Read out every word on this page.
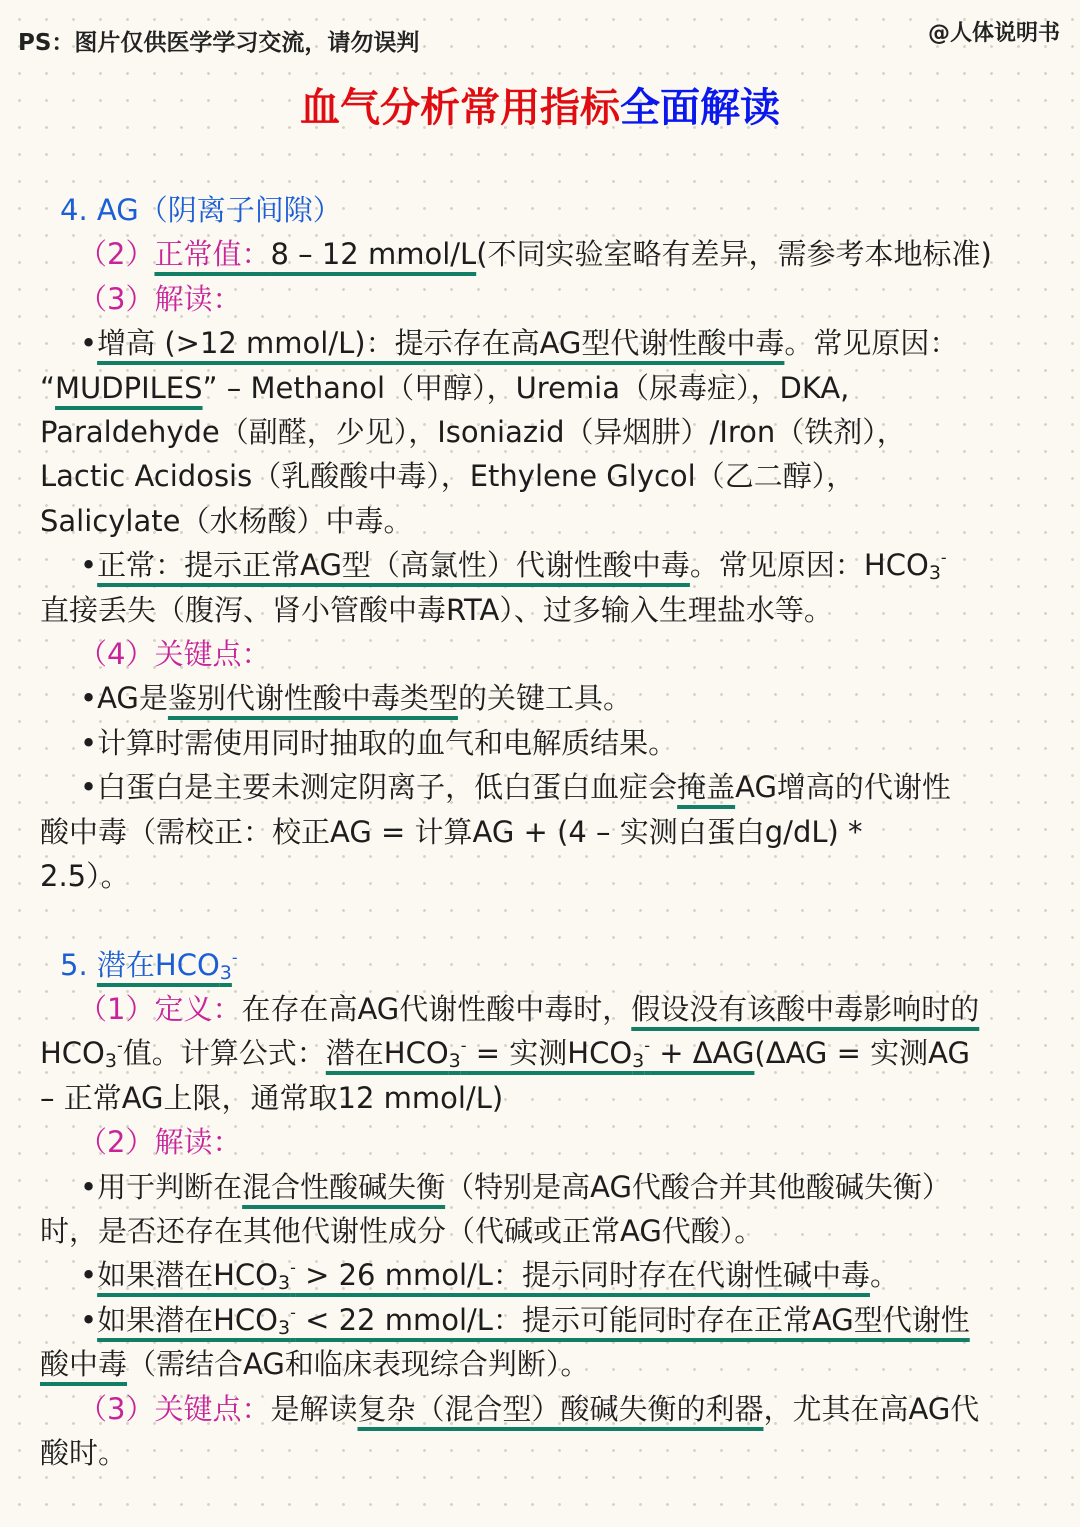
PS：图片仅供医学学习交流，请勿误判	@人体说明书
血气分析常用指标全面解读
4. AG（阴离子间隙）
（2）正常值：8 – 12 mmol/L(不同实验室略有差异，需参考本地标准)
（3）解读：
•增高 (>12 mmol/L)：提示存在高AG型代谢性酸中毒。常见原因：
“MUDPILES” – Methanol（甲醇），Uremia（尿毒症），DKA,
Paraldehyde（副醛，少见），Isoniazid（异烟肼）/Iron（铁剂），
Lactic Acidosis（乳酸酸中毒），Ethylene Glycol（乙二醇），
Salicylate（水杨酸）中毒。
•正常：提示正常AG型（高氯性）代谢性酸中毒。常见原因：$HCO_3^-$
直接丢失（腹泻、肾小管酸中毒RTA）、过多输入生理盐水等。
（4）关键点：
•AG是鉴别代谢性酸中毒类型的关键工具。
•计算时需使用同时抽取的血气和电解质结果。
•白蛋白是主要未测定阴离子，低白蛋白血症会掩盖AG增高的代谢性
酸中毒（需校正：校正AG = 计算AG + (4 – 实测白蛋白g/dL) *
2.5）。
5. 潜在$HCO_3^-$
（1）定义：在存在高AG代谢性酸中毒时，假设没有该酸中毒影响时的
$HCO_3^-$值。计算公式：潜在$HCO_3^-$ = 实测$HCO_3^- + \Delta AG(\Delta AG$ = 实测AG
– 正常AG上限，通常取12 mmol/L)
（2）解读：
•用于判断在混合性酸碱失衡（特别是高AG代酸合并其他酸碱失衡）
时，是否还存在其他代谢性成分（代碱或正常AG代酸）。
•如果潜在$HCO_3^- > 26$ mmol/L：提示同时存在代谢性碱中毒。
•如果潜在$HCO_3^- < 22$ mmol/L：提示可能同时存在正常AG型代谢性
酸中毒（需结合AG和临床表现综合判断）。
（3）关键点：是解读复杂（混合型）酸碱失衡的利器，尤其在高AG代
酸时。
